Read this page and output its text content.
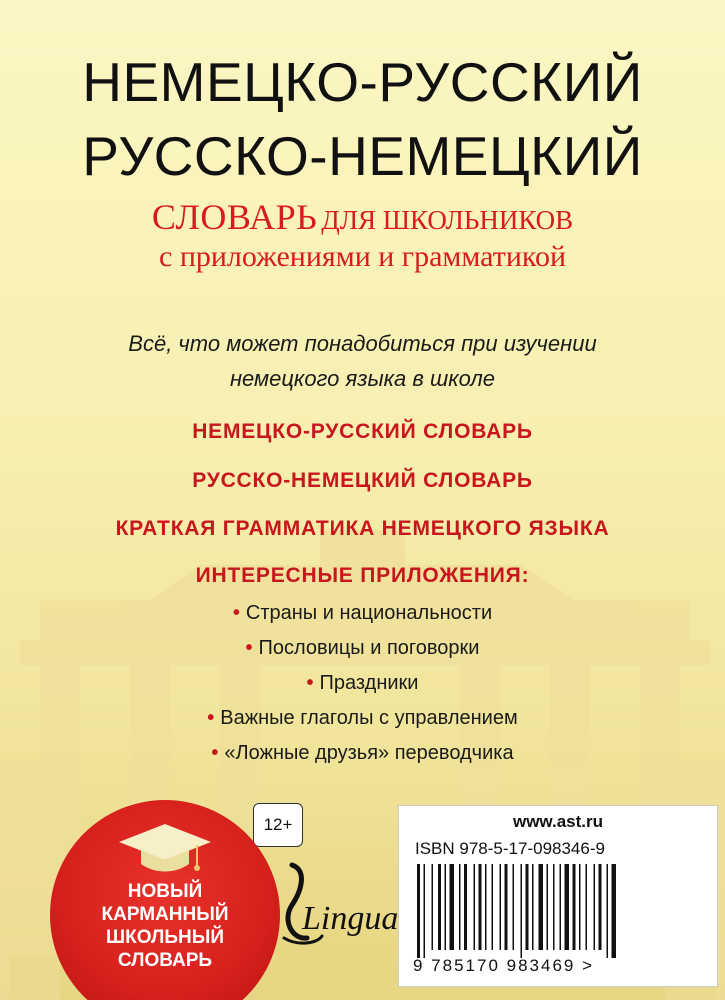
НЕМЕЦКО-РУССКИЙ
РУССКО-НЕМЕЦКИЙ
СЛОВАРЬ ДЛЯ ШКОЛЬНИКОВ
с приложениями и грамматикой
Всё, что может понадобиться при изучении
немецкого языка в школе
НЕМЕЦКО-РУССКИЙ СЛОВАРЬ
РУССКО-НЕМЕЦКИЙ СЛОВАРЬ
КРАТКАЯ ГРАММАТИКА НЕМЕЦКОГО ЯЗЫКА
ИНТЕРЕСНЫЕ ПРИЛОЖЕНИЯ:
• Страны и национальности
• Пословицы и поговорки
• Праздники
• Важные глаголы с управлением
• «Ложные друзья» переводчика
12+
Lingua
www.ast.ru
ISBN 978-5-17-098346-9
9 785170 983469 >
НОВЫЙ
КАРМАННЫЙ
ШКОЛЬНЫЙ
СЛОВАРЬ
